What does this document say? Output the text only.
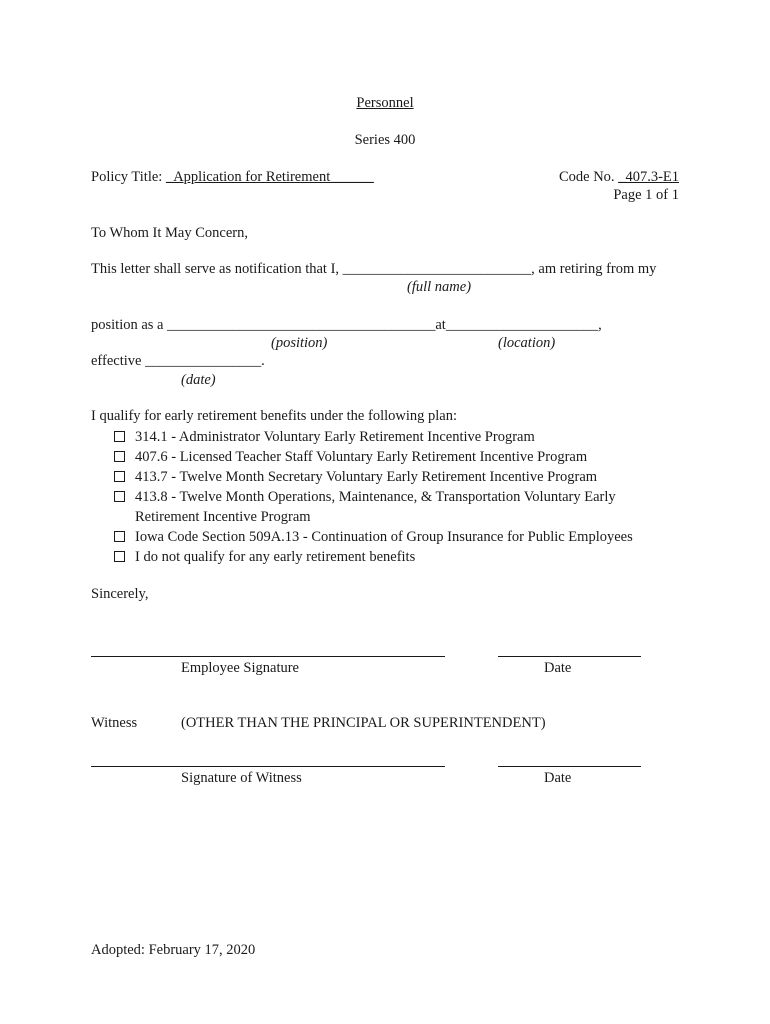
Personnel
Series 400
Policy Title: _Application for Retirement______	Code No. _407.3-E1
Page 1 of 1
To Whom It May Concern,
This letter shall serve as notification that I, __________________________, am retiring from my
(full name)
position as a _____________________________________at_____________________,
(position)	(location)
effective ________________.
(date)
I qualify for early retirement benefits under the following plan:
314.1 - Administrator Voluntary Early Retirement Incentive Program
407.6 - Licensed Teacher Staff Voluntary Early Retirement Incentive Program
413.7 - Twelve Month Secretary Voluntary Early Retirement Incentive Program
413.8 - Twelve Month Operations, Maintenance, & Transportation Voluntary Early
Retirement Incentive Program
Iowa Code Section 509A.13 - Continuation of Group Insurance for Public Employees
I do not qualify for any early retirement benefits
Sincerely,
Employee Signature	Date
Witness	(OTHER THAN THE PRINCIPAL OR SUPERINTENDENT)
Signature of Witness	Date
Adopted: February 17, 2020
